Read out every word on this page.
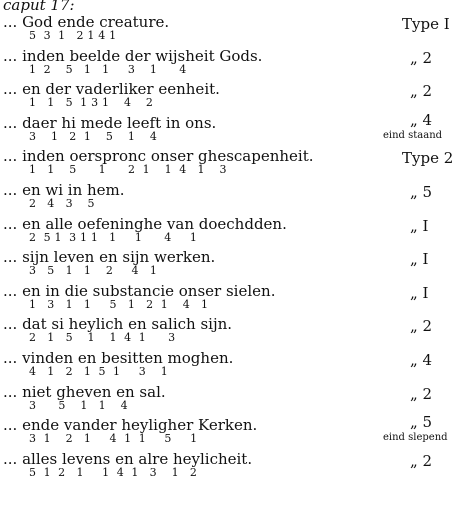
caput 17:
... God ende creature.
5  3  1   2 1 4 1
Type I
... inden beelde der wijsheit Gods.
1  2    5   1   1     3    1      4
„ 2
... en der vaderliker eenheit.
1   1   5  1 3 1    4    2
„ 2
... daer hi mede leeft in ons.
3    1   2  1    5    1    4
„ 4
eind staand
... inden oerspronc onser ghescapenheit.
1   1    5      1      2  1    1  4   1    3
Type 2
... en wi in hem.
2   4   3    5
„ 5
... en alle oefeninghe van doechdden.
2  5 1  3 1 1   1     1      4     1
„ I
... sijn leven en sijn werken.
3   5   1   1    2     4   1
„ I
... en in die substancie onser sielen.
1   3   1   1     5   1   2  1    4   1
„ I
... dat si heylich en salich sijn.
2   1   5    1    1  4  1      3
„ 2
... vinden en besitten moghen.
4   1   2   1  5  1     3    1
„ 4
... niet gheven en sal.
3      5    1   1    4
„ 2
... ende vander heyligher Kerken.
3  1    2   1     4  1  1     5     1
„ 5
eind slepend
... alles levens en alre heylicheit.
5  1  2   1     1  4  1   3    1   2
„ 2
